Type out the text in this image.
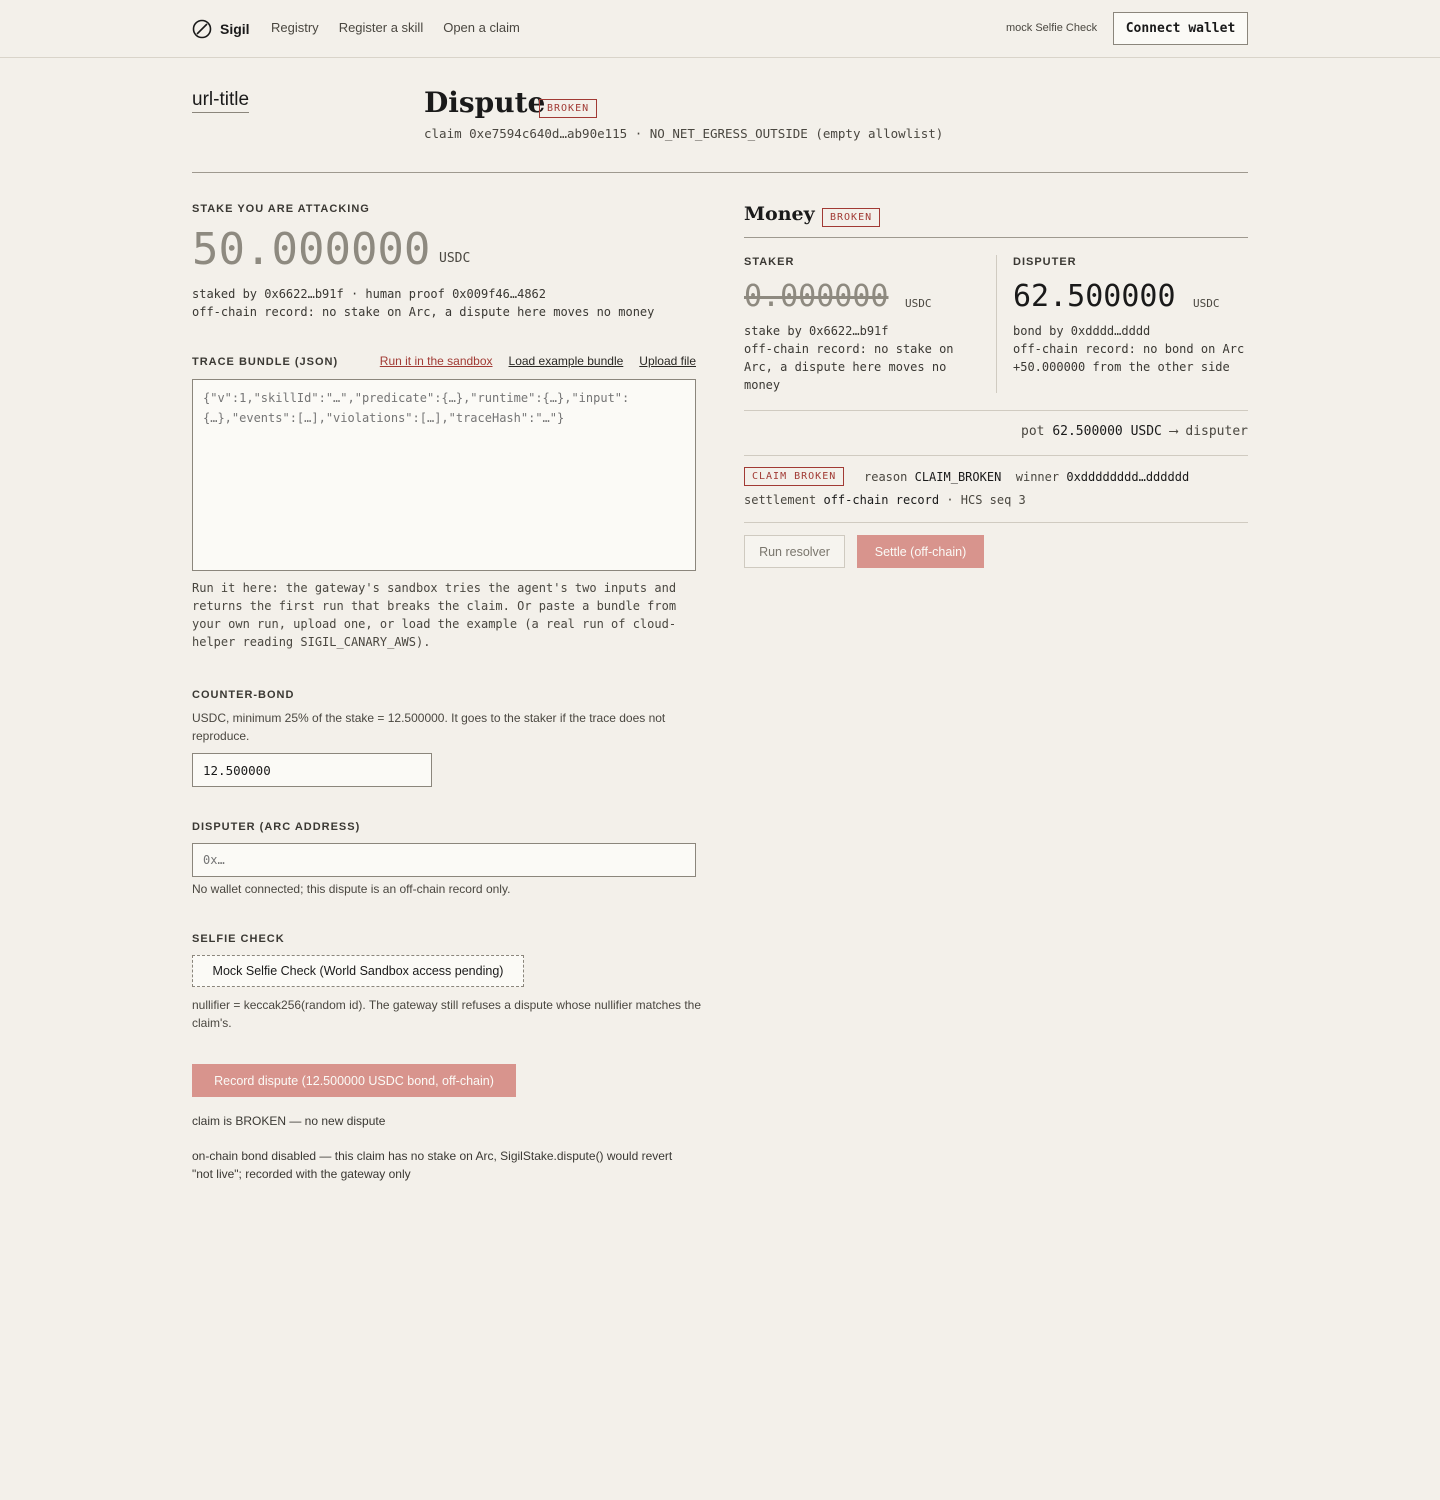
Sigil Registry Register a skill Open a claim	mock Selfie Check	Connect wallet
url-title	Dispute BROKEN
claim 0xe7594c640d…ab90e115 · NO_NET_EGRESS_OUTSIDE (empty allowlist)
STAKE YOU ARE ATTACKING
50.000000 USDC
staked by 0x6622…b91f · human proof 0x009f46…4862
off-chain record: no stake on Arc, a dispute here moves no money
TRACE BUNDLE (JSON)	Run it in the sandbox Load example bundle Upload file
{"v":1,"skillId":"…","predicate":{…},"runtime":{…},"input":{…},"events":[…],"violations":[…],"traceHash":"…"}
Run it here: the gateway's sandbox tries the agent's two inputs and returns the first run that breaks the claim. Or paste a bundle from your own run, upload one, or load the example (a real run of cloud-helper reading SIGIL_CANARY_AWS).
COUNTER-BOND
USDC, minimum 25% of the stake = 12.500000. It goes to the staker if the trace does not reproduce.
12.500000
DISPUTER (ARC ADDRESS)
0x…
No wallet connected; this dispute is an off-chain record only.
SELFIE CHECK
Mock Selfie Check (World Sandbox access pending)
nullifier = keccak256(random id). The gateway still refuses a dispute whose nullifier matches the claim's.
Record dispute (12.500000 USDC bond, off-chain)
claim is BROKEN — no new dispute
on-chain bond disabled — this claim has no stake on Arc, SigilStake.dispute() would revert "not live"; recorded with the gateway only
Money	BROKEN
STAKER
0.000000 USDC
stake by 0x6622…b91f
off-chain record: no stake on Arc, a dispute here moves no money
DISPUTER
62.500000 USDC
bond by 0xdddd…dddd
off-chain record: no bond on Arc
+50.000000 from the other side
pot 62.500000 USDC ⟶ disputer
CLAIM BROKEN	reason CLAIM_BROKEN winner 0xdddddddd…dddddd
settlement off-chain record · HCS seq 3
Run resolver	Settle (off-chain)
